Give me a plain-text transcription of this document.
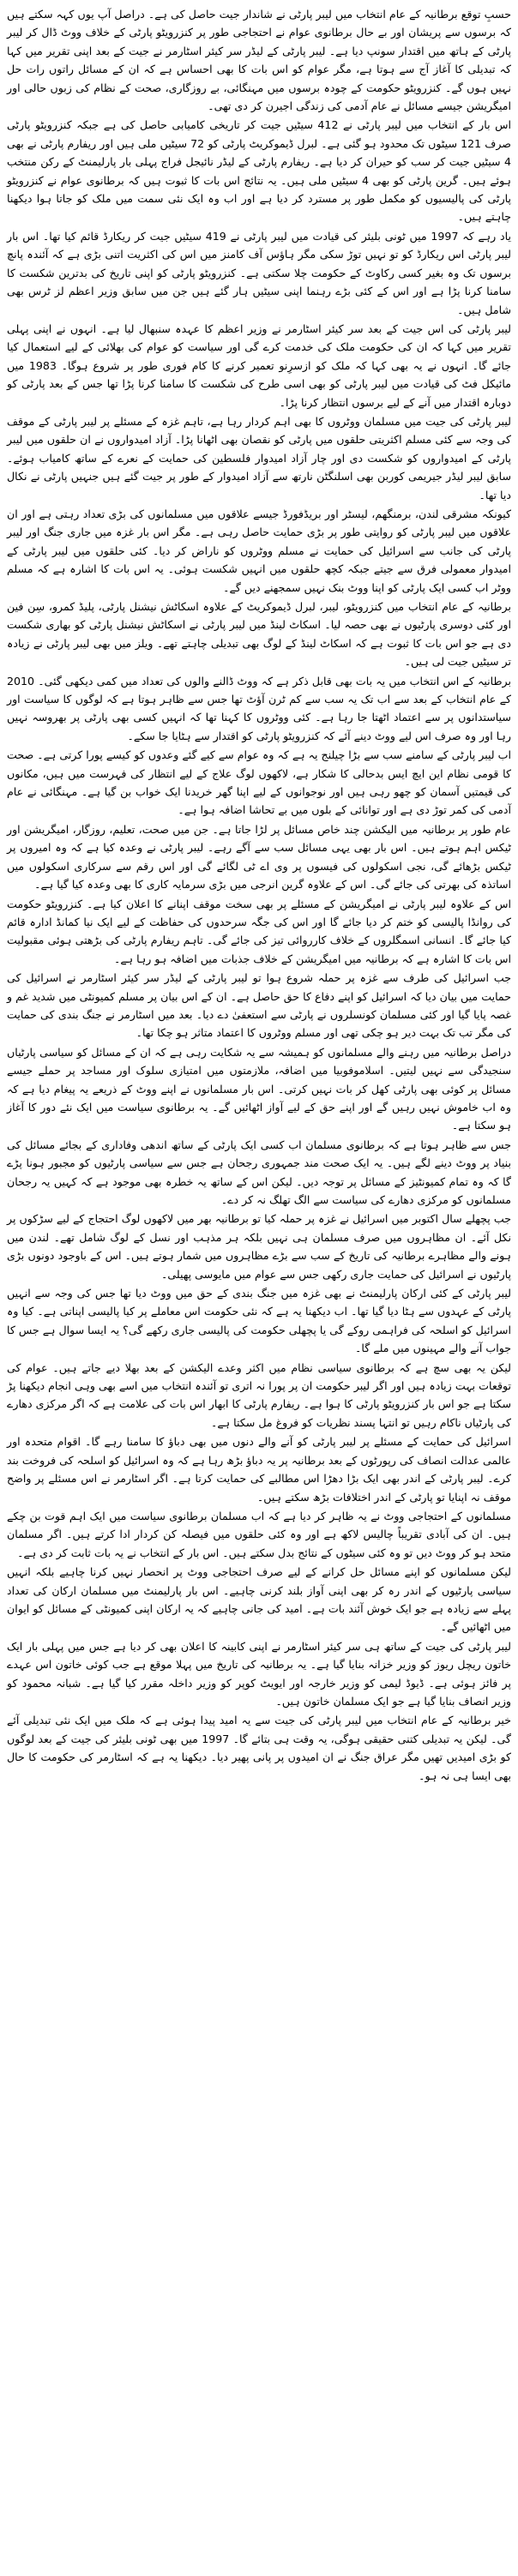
حسبِ توقع برطانیہ کے عام انتخاب میں لیبر پارٹی نے شاندار جیت حاصل کی ہے۔ دراصل آپ یوں کہہ سکتے ہیں کہ برسوں سے پریشان اور بے حال برطانوی عوام نے احتجاجی طور پر کنزرویٹو پارٹی کے خلاف ووٹ ڈال کر لیبر پارٹی کے ہاتھ میں اقتدار سونپ دیا ہے۔ لیبر پارٹی کے لیڈر سر کیئر اسٹارمر نے جیت کے بعد اپنی تقریر میں کہا کہ تبدیلی کا آغاز آج سے ہوتا ہے، مگر عوام کو اس بات کا بھی احساس ہے کہ ان کے مسائل راتوں رات حل نہیں ہوں گے۔ کنزرویٹو حکومت کے چودہ برسوں میں مہنگائی، بے روزگاری، صحت کے نظام کی زبوں حالی اور امیگریشن جیسے مسائل نے عام آدمی کی زندگی اجیرن کر دی تھی۔

اس بار کے انتخاب میں لیبر پارٹی نے 412 سیٹیں جیت کر تاریخی کامیابی حاصل کی ہے جبکہ کنزرویٹو پارٹی صرف 121 سیٹوں تک محدود ہو گئی ہے۔ لبرل ڈیموکریٹ پارٹی کو 72 سیٹیں ملی ہیں اور ریفارم پارٹی نے بھی 4 سیٹیں جیت کر سب کو حیران کر دیا ہے۔ ریفارم پارٹی کے لیڈر نائیجل فراج پہلی بار پارلیمنٹ کے رکن منتخب ہوئے ہیں۔ گرین پارٹی کو بھی 4 سیٹیں ملی ہیں۔ یہ نتائج اس بات کا ثبوت ہیں کہ برطانوی عوام نے کنزرویٹو پارٹی کی پالیسیوں کو مکمل طور پر مسترد کر دیا ہے اور اب وہ ایک نئی سمت میں ملک کو جاتا ہوا دیکھنا چاہتے ہیں۔

یاد رہے کہ 1997 میں ٹونی بلیئر کی قیادت میں لیبر پارٹی نے 419 سیٹیں جیت کر ریکارڈ قائم کیا تھا۔ اس بار لیبر پارٹی اس ریکارڈ کو تو نہیں توڑ سکی مگر ہاؤس آف کامنز میں اس کی اکثریت اتنی بڑی ہے کہ آئندہ پانچ برسوں تک وہ بغیر کسی رکاوٹ کے حکومت چلا سکتی ہے۔ کنزرویٹو پارٹی کو اپنی تاریخ کی بدترین شکست کا سامنا کرنا پڑا ہے اور اس کے کئی بڑے رہنما اپنی سیٹیں ہار گئے ہیں جن میں سابق وزیر اعظم لز ٹرس بھی شامل ہیں۔

لیبر پارٹی کی اس جیت کے بعد سر کیئر اسٹارمر نے وزیر اعظم کا عہدہ سنبھال لیا ہے۔ انہوں نے اپنی پہلی تقریر میں کہا کہ ان کی حکومت ملک کی خدمت کرے گی اور سیاست کو عوام کی بھلائی کے لیے استعمال کیا جائے گا۔ انہوں نے یہ بھی کہا کہ ملک کو ازسرِنو تعمیر کرنے کا کام فوری طور پر شروع ہوگا۔ 1983 میں مائیکل فٹ کی قیادت میں لیبر پارٹی کو بھی اسی طرح کی شکست کا سامنا کرنا پڑا تھا جس کے بعد پارٹی کو دوبارہ اقتدار میں آنے کے لیے برسوں انتظار کرنا پڑا۔

لیبر پارٹی کی جیت میں مسلمان ووٹروں کا بھی اہم کردار رہا ہے، تاہم غزہ کے مسئلے پر لیبر پارٹی کے موقف کی وجہ سے کئی مسلم اکثریتی حلقوں میں پارٹی کو نقصان بھی اٹھانا پڑا۔ آزاد امیدواروں نے ان حلقوں میں لیبر پارٹی کے امیدواروں کو شکست دی اور چار آزاد امیدوار فلسطین کی حمایت کے نعرے کے ساتھ کامیاب ہوئے۔ سابق لیبر لیڈر جیریمی کوربن بھی اسلنگٹن نارتھ سے آزاد امیدوار کے طور پر جیت گئے ہیں جنہیں پارٹی نے نکال دیا تھا۔

کیونکہ مشرقی لندن، برمنگھم، لیسٹر اور بریڈفورڈ جیسے علاقوں میں مسلمانوں کی بڑی تعداد رہتی ہے اور ان علاقوں میں لیبر پارٹی کو روایتی طور پر بڑی حمایت حاصل رہی ہے۔ مگر اس بار غزہ میں جاری جنگ اور لیبر پارٹی کی جانب سے اسرائیل کی حمایت نے مسلم ووٹروں کو ناراض کر دیا۔ کئی حلقوں میں لیبر پارٹی کے امیدوار معمولی فرق سے جیتے جبکہ کچھ حلقوں میں انہیں شکست ہوئی۔ یہ اس بات کا اشارہ ہے کہ مسلم ووٹر اب کسی ایک پارٹی کو اپنا ووٹ بنک نہیں سمجھنے دیں گے۔

برطانیہ کے عام انتخاب میں کنزرویٹو، لیبر، لبرل ڈیموکریٹ کے علاوہ اسکاٹش نیشنل پارٹی، پلیڈ کمرو، سِن فین اور کئی دوسری پارٹیوں نے بھی حصہ لیا۔ اسکاٹ لینڈ میں لیبر پارٹی نے اسکاٹش نیشنل پارٹی کو بھاری شکست دی ہے جو اس بات کا ثبوت ہے کہ اسکاٹ لینڈ کے لوگ بھی تبدیلی چاہتے تھے۔ ویلز میں بھی لیبر پارٹی نے زیادہ تر سیٹیں جیت لی ہیں۔

برطانیہ کے اس انتخاب میں یہ بات بھی قابل ذکر ہے کہ ووٹ ڈالنے والوں کی تعداد میں کمی دیکھی گئی۔ 2010 کے عام انتخاب کے بعد سے اب تک یہ سب سے کم ٹرن آؤٹ تھا جس سے ظاہر ہوتا ہے کہ لوگوں کا سیاست اور سیاستدانوں پر سے اعتماد اٹھتا جا رہا ہے۔ کئی ووٹروں کا کہنا تھا کہ انہیں کسی بھی پارٹی پر بھروسہ نہیں رہا اور وہ صرف اس لیے ووٹ دینے آئے کہ کنزرویٹو پارٹی کو اقتدار سے ہٹایا جا سکے۔

اب لیبر پارٹی کے سامنے سب سے بڑا چیلنج یہ ہے کہ وہ عوام سے کیے گئے وعدوں کو کیسے پورا کرتی ہے۔ صحت کا قومی نظام این ایچ ایس بدحالی کا شکار ہے، لاکھوں لوگ علاج کے لیے انتظار کی فہرست میں ہیں، مکانوں کی قیمتیں آسمان کو چھو رہی ہیں اور نوجوانوں کے لیے اپنا گھر خریدنا ایک خواب بن گیا ہے۔ مہنگائی نے عام آدمی کی کمر توڑ دی ہے اور توانائی کے بلوں میں بے تحاشا اضافہ ہوا ہے۔

عام طور پر برطانیہ میں الیکشن چند خاص مسائل پر لڑا جاتا ہے۔ جن میں صحت، تعلیم، روزگار، امیگریشن اور ٹیکس اہم ہوتے ہیں۔ اس بار بھی یہی مسائل سب سے آگے رہے۔ لیبر پارٹی نے وعدہ کیا ہے کہ وہ امیروں پر ٹیکس بڑھائے گی، نجی اسکولوں کی فیسوں پر وی اے ٹی لگائے گی اور اس رقم سے سرکاری اسکولوں میں اساتذہ کی بھرتی کی جائے گی۔ اس کے علاوہ گرین انرجی میں بڑی سرمایہ کاری کا بھی وعدہ کیا گیا ہے۔

اس کے علاوہ لیبر پارٹی نے امیگریشن کے مسئلے پر بھی سخت موقف اپنانے کا اعلان کیا ہے۔ کنزرویٹو حکومت کی روانڈا پالیسی کو ختم کر دیا جائے گا اور اس کی جگہ سرحدوں کی حفاظت کے لیے ایک نیا کمانڈ ادارہ قائم کیا جائے گا۔ انسانی اسمگلروں کے خلاف کارروائی تیز کی جائے گی۔ تاہم ریفارم پارٹی کی بڑھتی ہوئی مقبولیت اس بات کا اشارہ ہے کہ برطانیہ میں امیگریشن کے خلاف جذبات میں اضافہ ہو رہا ہے۔

جب اسرائیل کی طرف سے غزہ پر حملہ شروع ہوا تو لیبر پارٹی کے لیڈر سر کیئر اسٹارمر نے اسرائیل کی حمایت میں بیان دیا کہ اسرائیل کو اپنے دفاع کا حق حاصل ہے۔ ان کے اس بیان پر مسلم کمیونٹی میں شدید غم و غصہ پایا گیا اور کئی مسلمان کونسلروں نے پارٹی سے استعفیٰ دے دیا۔ بعد میں اسٹارمر نے جنگ بندی کی حمایت کی مگر تب تک بہت دیر ہو چکی تھی اور مسلم ووٹروں کا اعتماد متاثر ہو چکا تھا۔

دراصل برطانیہ میں رہنے والے مسلمانوں کو ہمیشہ سے یہ شکایت رہی ہے کہ ان کے مسائل کو سیاسی پارٹیاں سنجیدگی سے نہیں لیتیں۔ اسلاموفوبیا میں اضافہ، ملازمتوں میں امتیازی سلوک اور مساجد پر حملے جیسے مسائل پر کوئی بھی پارٹی کھل کر بات نہیں کرتی۔ اس بار مسلمانوں نے اپنے ووٹ کے ذریعے یہ پیغام دیا ہے کہ وہ اب خاموش نہیں رہیں گے اور اپنے حق کے لیے آواز اٹھائیں گے۔ یہ برطانوی سیاست میں ایک نئے دور کا آغاز ہو سکتا ہے۔

جس سے ظاہر ہوتا ہے کہ برطانوی مسلمان اب کسی ایک پارٹی کے ساتھ اندھی وفاداری کے بجائے مسائل کی بنیاد پر ووٹ دینے لگے ہیں۔ یہ ایک صحت مند جمہوری رجحان ہے جس سے سیاسی پارٹیوں کو مجبور ہونا پڑے گا کہ وہ تمام کمیونٹیز کے مسائل پر توجہ دیں۔ لیکن اس کے ساتھ یہ خطرہ بھی موجود ہے کہ کہیں یہ رجحان مسلمانوں کو مرکزی دھارے کی سیاست سے الگ تھلگ نہ کر دے۔

جب پچھلے سال اکتوبر میں اسرائیل نے غزہ پر حملہ کیا تو برطانیہ بھر میں لاکھوں لوگ احتجاج کے لیے سڑکوں پر نکل آئے۔ ان مظاہروں میں صرف مسلمان ہی نہیں بلکہ ہر مذہب اور نسل کے لوگ شامل تھے۔ لندن میں ہونے والے مظاہرے برطانیہ کی تاریخ کے سب سے بڑے مظاہروں میں شمار ہوتے ہیں۔ اس کے باوجود دونوں بڑی پارٹیوں نے اسرائیل کی حمایت جاری رکھی جس سے عوام میں مایوسی پھیلی۔

لیبر پارٹی کے کئی ارکان پارلیمنٹ نے بھی غزہ میں جنگ بندی کے حق میں ووٹ دیا تھا جس کی وجہ سے انہیں پارٹی کے عہدوں سے ہٹا دیا گیا تھا۔ اب دیکھنا یہ ہے کہ نئی حکومت اس معاملے پر کیا پالیسی اپناتی ہے۔ کیا وہ اسرائیل کو اسلحہ کی فراہمی روکے گی یا پچھلی حکومت کی پالیسی جاری رکھے گی؟ یہ ایسا سوال ہے جس کا جواب آنے والے مہینوں میں ملے گا۔

لیکن یہ بھی سچ ہے کہ برطانوی سیاسی نظام میں اکثر وعدے الیکشن کے بعد بھلا دیے جاتے ہیں۔ عوام کی توقعات بہت زیادہ ہیں اور اگر لیبر حکومت ان پر پورا نہ اتری تو آئندہ انتخاب میں اسے بھی وہی انجام دیکھنا پڑ سکتا ہے جو اس بار کنزرویٹو پارٹی کا ہوا ہے۔ ریفارم پارٹی کا ابھار اس بات کی علامت ہے کہ اگر مرکزی دھارے کی پارٹیاں ناکام رہیں تو انتہا پسند نظریات کو فروغ مل سکتا ہے۔

اسرائیل کی حمایت کے مسئلے پر لیبر پارٹی کو آنے والے دنوں میں بھی دباؤ کا سامنا رہے گا۔ اقوام متحدہ اور عالمی عدالت انصاف کی رپورٹوں کے بعد برطانیہ پر یہ دباؤ بڑھ رہا ہے کہ وہ اسرائیل کو اسلحہ کی فروخت بند کرے۔ لیبر پارٹی کے اندر بھی ایک بڑا دھڑا اس مطالبے کی حمایت کرتا ہے۔ اگر اسٹارمر نے اس مسئلے پر واضح موقف نہ اپنایا تو پارٹی کے اندر اختلافات بڑھ سکتے ہیں۔

مسلمانوں کے احتجاجی ووٹ نے یہ ظاہر کر دیا ہے کہ اب مسلمان برطانوی سیاست میں ایک اہم قوت بن چکے ہیں۔ ان کی آبادی تقریباً چالیس لاکھ ہے اور وہ کئی حلقوں میں فیصلہ کن کردار ادا کرتے ہیں۔ اگر مسلمان متحد ہو کر ووٹ دیں تو وہ کئی سیٹوں کے نتائج بدل سکتے ہیں۔ اس بار کے انتخاب نے یہ بات ثابت کر دی ہے۔

لیکن مسلمانوں کو اپنے مسائل حل کرانے کے لیے صرف احتجاجی ووٹ پر انحصار نہیں کرنا چاہیے بلکہ انہیں سیاسی پارٹیوں کے اندر رہ کر بھی اپنی آواز بلند کرنی چاہیے۔ اس بار پارلیمنٹ میں مسلمان ارکان کی تعداد پہلے سے زیادہ ہے جو ایک خوش آئند بات ہے۔ امید کی جانی چاہیے کہ یہ ارکان اپنی کمیونٹی کے مسائل کو ایوان میں اٹھائیں گے۔

لیبر پارٹی کی جیت کے ساتھ ہی سر کیئر اسٹارمر نے اپنی کابینہ کا اعلان بھی کر دیا ہے جس میں پہلی بار ایک خاتون ریچل ریوز کو وزیر خزانہ بنایا گیا ہے۔ یہ برطانیہ کی تاریخ میں پہلا موقع ہے جب کوئی خاتون اس عہدے پر فائز ہوئی ہے۔ ڈیوڈ لیمی کو وزیر خارجہ اور ایویٹ کوپر کو وزیر داخلہ مقرر کیا گیا ہے۔ شبانہ محمود کو وزیر انصاف بنایا گیا ہے جو ایک مسلمان خاتون ہیں۔

خیر برطانیہ کے عام انتخاب میں لیبر پارٹی کی جیت سے یہ امید پیدا ہوئی ہے کہ ملک میں ایک نئی تبدیلی آئے گی۔ لیکن یہ تبدیلی کتنی حقیقی ہوگی، یہ وقت ہی بتائے گا۔ 1997 میں بھی ٹونی بلیئر کی جیت کے بعد لوگوں کو بڑی امیدیں تھیں مگر عراق جنگ نے ان امیدوں پر پانی پھیر دیا۔ دیکھنا یہ ہے کہ اسٹارمر کی حکومت کا حال بھی ایسا ہی نہ ہو۔
